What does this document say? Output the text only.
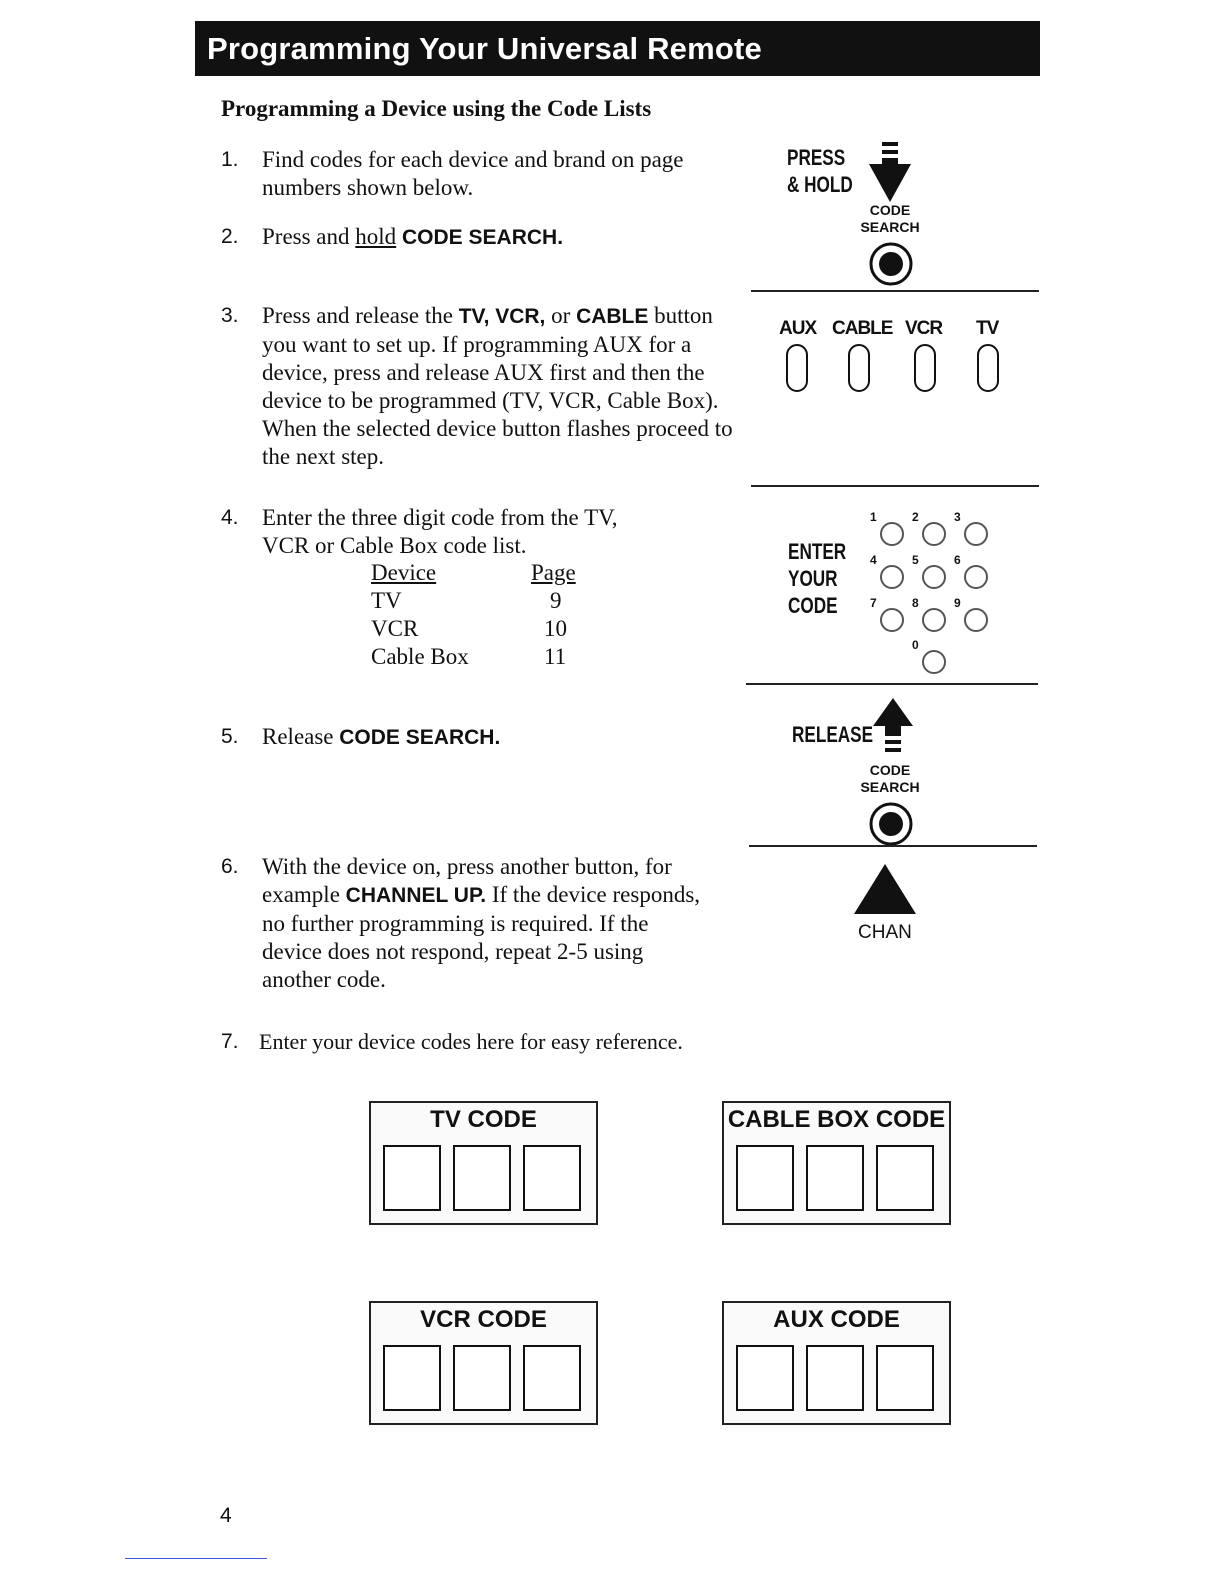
Programming Your Universal Remote
Programming a Device using the Code Lists
1. Find codes for each device and brand on page numbers shown below.
2. Press and hold CODE SEARCH.
3. Press and release the TV, VCR, or CABLE button you want to set up. If programming AUX for a device, press and release AUX first and then the device to be programmed (TV, VCR, Cable Box). When the selected device button flashes proceed to the next step.
4. Enter the three digit code from the TV, VCR or Cable Box code list.
Device	Page
TV	9
VCR	10
Cable Box	11
5. Release CODE SEARCH.
6. With the device on, press another button, for example CHANNEL UP. If the device responds, no further programming is required. If the device does not respond, repeat 2-5 using another code.
7. Enter your device codes here for easy reference.
PRESS
& HOLD
CODE
SEARCH
AUX CABLE VCR TV
ENTER
YOUR
CODE
1	2	3
4	5	6
7	8	9
0
RELEASE
CODE
SEARCH
CHAN
TV CODE	CABLE BOX CODE
VCR CODE	AUX CODE
4
